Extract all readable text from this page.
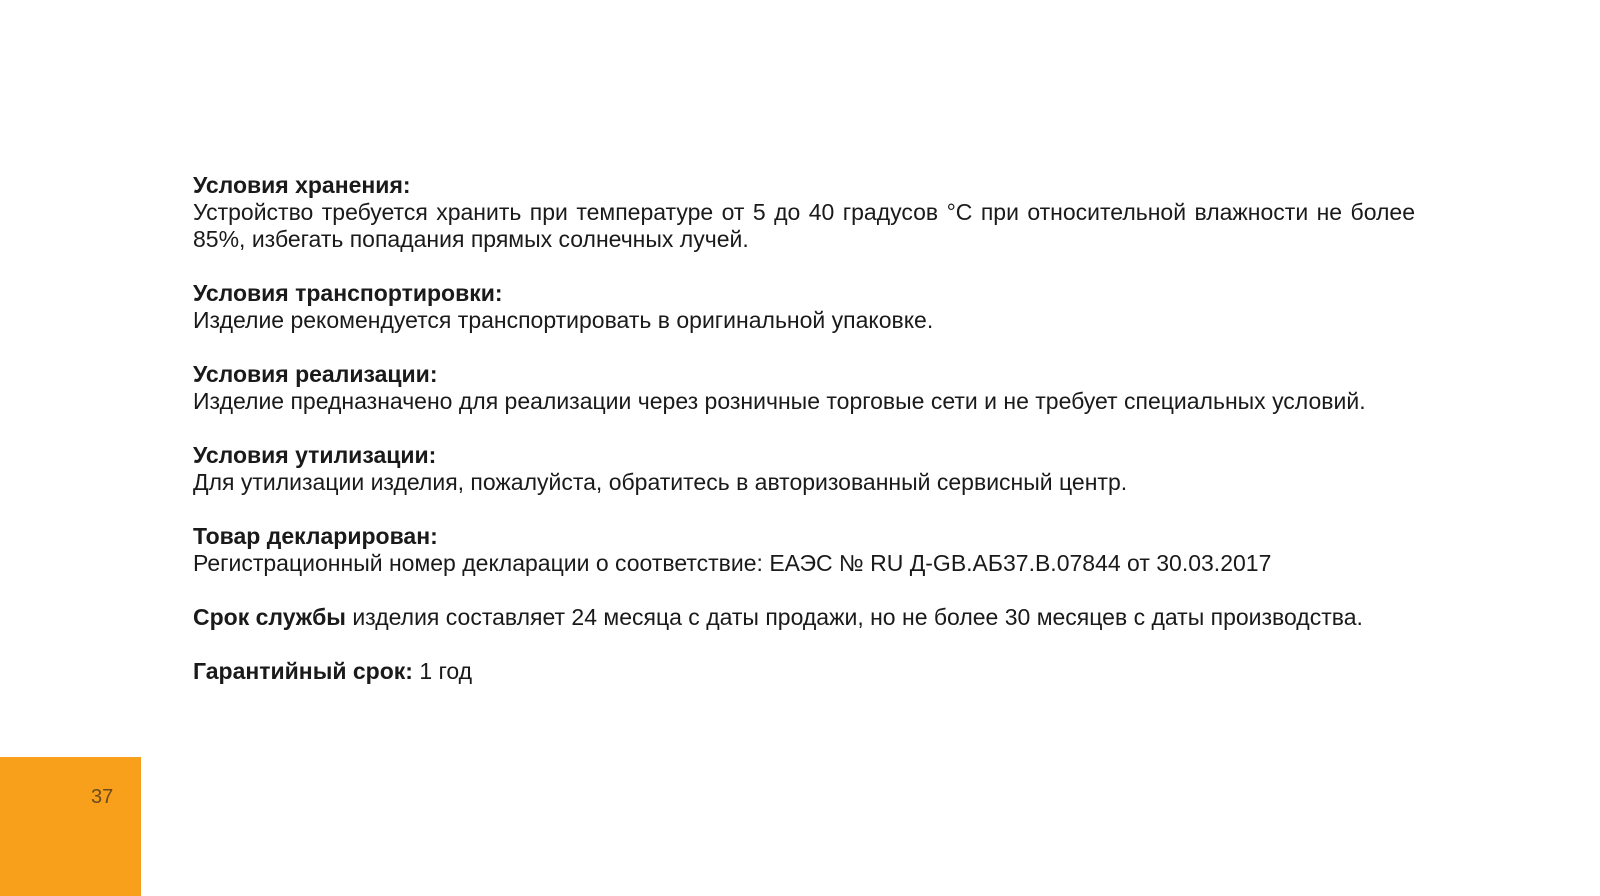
Условия хранения:
Устройство требуется хранить при температуре от 5 до 40 градусов °С при относительной влажности не более 85%, избегать попадания прямых солнечных лучей.
Условия транспортировки:
Изделие рекомендуется транспортировать в оригинальной упаковке.
Условия реализации:
Изделие предназначено для реализации через розничные торговые сети и не требует специальных условий.
Условия утилизации:
Для утилизации изделия, пожалуйста, обратитесь в авторизованный сервисный центр.
Товар декларирован:
Регистрационный номер декларации о соответствие: ЕАЭС № RU Д-GB.АБ37.В.07844 от 30.03.2017
Срок службы изделия составляет 24 месяца с даты продажи, но не более 30 месяцев с даты производства.
Гарантийный срок: 1 год
37
